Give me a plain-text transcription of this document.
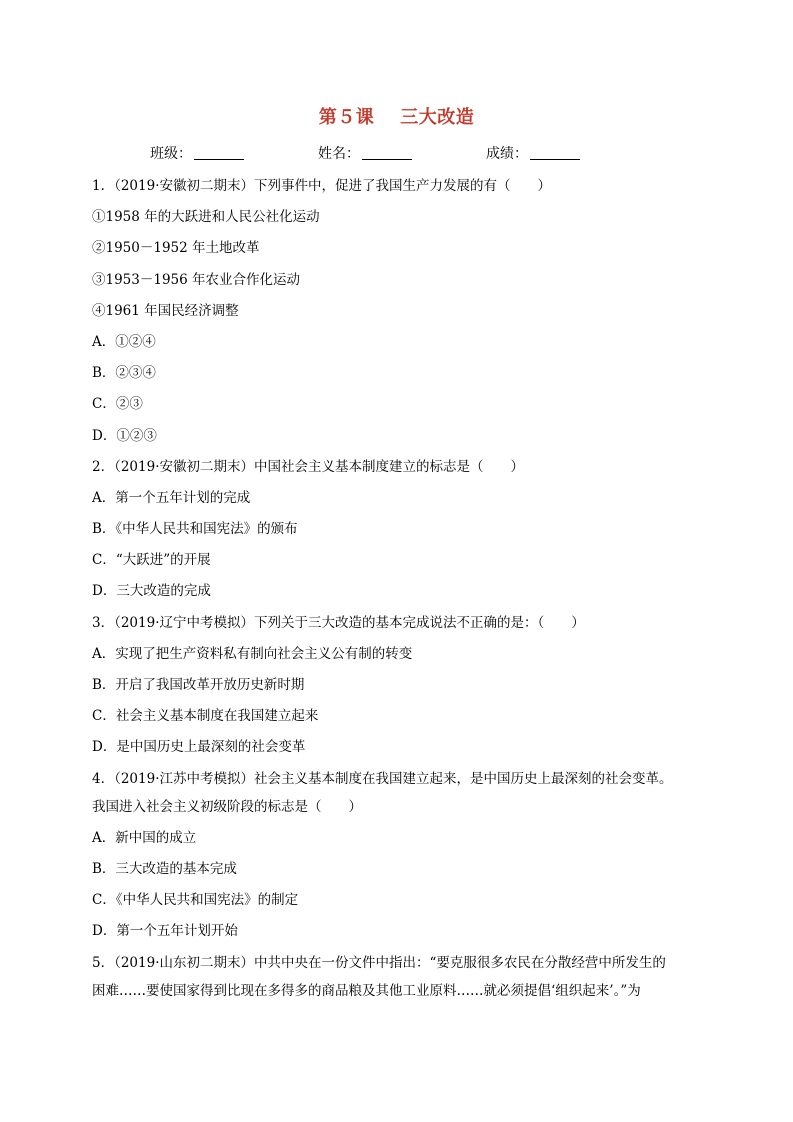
第５课 三大改造
班级：	姓名：	成绩：
1．（2019·安徽初二期末）下列事件中，促进了我国生产力发展的有（　　）
①1958 年的大跃进和人民公社化运动
②1950－1952 年土地改革
③1953－1956 年农业合作化运动
④1961 年国民经济调整
A．①②④
B．②③④
C．②③
D．①②③
2．（2019·安徽初二期末）中国社会主义基本制度建立的标志是（　　）
A．第一个五年计划的完成
B．《中华人民共和国宪法》的颁布
C．“大跃进”的开展
D．三大改造的完成
3．（2019·辽宁中考模拟）下列关于三大改造的基本完成说法不正确的是：（　　）
A．实现了把生产资料私有制向社会主义公有制的转变
B．开启了我国改革开放历史新时期
C．社会主义基本制度在我国建立起来
D．是中国历史上最深刻的社会变革
4．（2019·江苏中考模拟）社会主义基本制度在我国建立起来，是中国历史上最深刻的社会变革。
我国进入社会主义初级阶段的标志是（　　）
A．新中国的成立
B．三大改造的基本完成
C．《中华人民共和国宪法》的制定
D．第一个五年计划开始
5．（2019·山东初二期末）中共中央在一份文件中指出：“要克服很多农民在分散经营中所发生的
困难……要使国家得到比现在多得多的商品粮及其他工业原料……就必须提倡‘组织起来’。”为
